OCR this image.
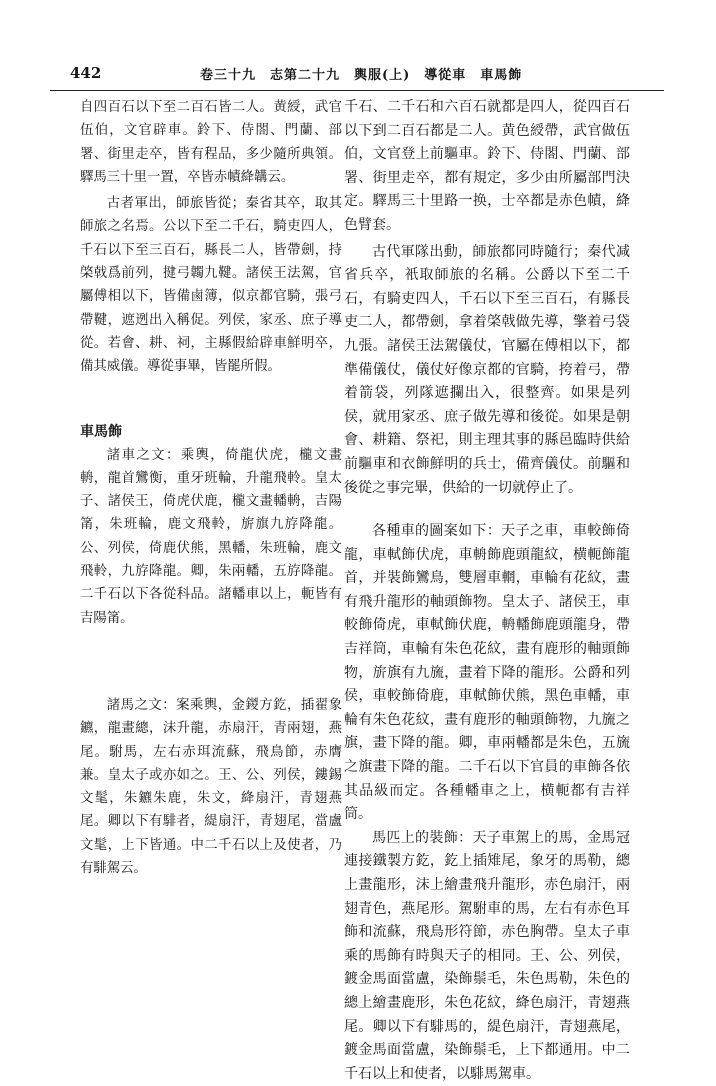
442	卷三十九　志第二十九　輿服(上)　導從車　車馬飾

自四百石以下至二百石皆二人。黄綬，武官伍伯，文官辟車。鈴下、侍閤、門蘭、部署、街里走卒，皆有程品，多少隨所典領。驛馬三十里一置，卒皆赤幘絳韝云。

古者軍出，師旅皆從；秦省其卒，取其師旅之名焉。公以下至二千石，騎吏四人，千石以下至三百石，縣長二人，皆帶劍，持棨戟爲前列，揵弓韣九鞬。諸侯王法駕，官屬傅相以下，皆備鹵簿，似京都官騎，張弓帶鞬，遮迾出入稱促。列侯，家丞、庶子導從。若會、耕、祠，主縣假給辟車鮮明卒，備其威儀。導從事畢，皆罷所假。

車馬飾

諸車之文：乘輿，倚龍伏虎，櫳文畫輈，龍首鸞衡，重牙班輪，升龍飛軨。皇太子、諸侯王，倚虎伏鹿，櫳文畫轓輈，吉陽筩，朱班輪，鹿文飛軨，旂旗九斿降龍。公、列侯，倚鹿伏熊，黑轓，朱班輪，鹿文飛軨，九斿降龍。卿，朱兩轓，五斿降龍。二千石以下各從科品。諸轓車以上，軛皆有吉陽筩。

諸馬之文：案乘輿，金鍐方釳，插翟象鑣，龍畫總，沫升龍，赤扇汗，青兩翅，燕尾。駙馬，左右赤珥流蘇，飛鳥節，赤膺兼。皇太子或亦如之。王、公、列侯，鏤錫文髦，朱鑣朱鹿，朱文，絳扇汗，青翅燕尾。卿以下有騑者，緹扇汗，青翅尾，當盧文髦，上下皆通。中二千石以上及使者，乃有騑駕云。

千石、二千石和六百石就都是四人，從四百石以下到二百石都是二人。黄色綬帶，武官做伍伯，文官登上前驅車。鈴下、侍閤、門蘭、部署、街里走卒，都有規定，多少由所屬部門決定。驛馬三十里路一换，士卒都是赤色幘，絳色臂套。

古代軍隊出動，師旅都同時隨行；秦代减省兵卒，衹取師旅的名稱。公爵以下至二千石，有騎吏四人，千石以下至三百石，有縣長吏二人，都帶劍，拿着棨戟做先導，擎着弓袋九張。諸侯王法駕儀仗，官屬在傅相以下，都準備儀仗，儀仗好像京都的官騎，挎着弓，帶着箭袋，列隊遮攔出入，很整齊。如果是列侯，就用家丞、庶子做先導和後從。如果是朝會、耕籍、祭祀，則主理其事的縣邑臨時供給前驅車和衣飾鮮明的兵士，備齊儀仗。前驅和後從之事完畢，供給的一切就停止了。

各種車的圖案如下：天子之車，車較飾倚龍，車軾飾伏虎，車輈飾鹿頭龍紋，横軛飾龍首，并裝飾鸞鳥，雙層車輞，車輪有花紋，畫有飛升龍形的軸頭飾物。皇太子、諸侯王，車較飾倚虎，車軾飾伏鹿，輈轓飾鹿頭龍身，帶吉祥筒，車輪有朱色花紋，畫有鹿形的軸頭飾物，旂旗有九旒，畫着下降的龍形。公爵和列侯，車較飾倚鹿，車軾飾伏熊，黑色車轓，車輪有朱色花紋，畫有鹿形的軸頭飾物，九旒之旗，畫下降的龍。卿，車兩轓都是朱色，五旒之旗畫下降的龍。二千石以下官員的車飾各依其品級而定。各種轓車之上，横軛都有吉祥筒。

馬匹上的裝飾：天子車駕上的馬，金馬冠連接鐵製方釳，釳上插雉尾，象牙的馬勒，總上畫龍形，沫上繪畫飛升龍形，赤色扇汗，兩翅青色，燕尾形。駕駙車的馬，左右有赤色耳飾和流蘇，飛鳥形符節，赤色胸帶。皇太子車乘的馬飾有時與天子的相同。王、公、列侯，鍍金馬面當盧，染飾鬃毛，朱色馬勒，朱色的總上繪畫鹿形，朱色花紋，絳色扇汗，青翅燕尾。卿以下有騑馬的，緹色扇汗，青翅燕尾，鍍金馬面當盧，染飾鬃毛，上下都通用。中二千石以上和使者，以騑馬駕車。
